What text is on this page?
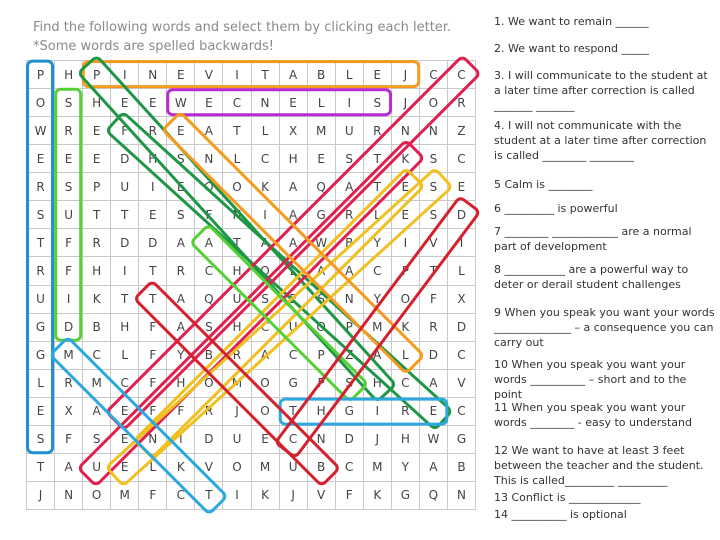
Find the following words and select them by clicking each letter.
*Some words are spelled backwards!
P	H	P	I	N	E	V	I	T	A	B	L	E	J	C	C
O	S	H	E	E	W	E	C	N	E	L	I	S	J	O	R
W	R	E	F	R	E	A	T	L	X	M	U	R	N	N	Z
E	E	E	D	H	S	N	L	C	H	E	S	T	K	S	C
R	S	P	U	I	E	O	O	K	A	Q	A	T	E	S	E
S	U	T	T	E	S	F	N	I	A	G	R	L	E	S	D
T	F	R	D	D	A	A	T	A	A	W	B	Y	I	V	I
R	F	H	I	T	R	C	H	O	L	A	A	C	P	T	L
U	I	K	T	T	A	Q	U	S	E	S	N	Y	O	F	X
G	D	B	H	F	A	S	H	C	U	O	P	M	K	R	D
G	M	C	L	F	Y	B	R	A	C	P	Z	A	L	D	C
L	R	M	C	F	H	O	M	O	G	P	S	H	C	A	V
E	X	A	E	F	F	R	J	O	T	H	G	I	R	E	C
S	F	S	E	N	I	D	U	E	C	N	D	J	H	W	G
T	A	U	E	L	K	V	O	M	U	B	C	M	Y	A	B
J	N	O	M	F	C	T	I	K	J	V	F	K	G	Q	N
1. We want to remain ______
2. We want to respond _____
3. I will communicate to the student at a later time after correction is called _______ _______
4. I will not communicate with the student at a later time after correction is called ________ ________
5 Calm is ________
6 _________ is powerful
7 ________ ____________ are a normal part of development
8 ___________ are a powerful way to deter or derail student challenges
9 When you speak you want your words ______________ – a consequence you can carry out
10 When you speak you want your words __________ – short and to the point
11 When you speak you want your words ________ - easy to understand
12 We want to have at least 3 feet between the teacher and the student. This is called_________ _________
13 Conflict is _____________
14 __________ is optional
